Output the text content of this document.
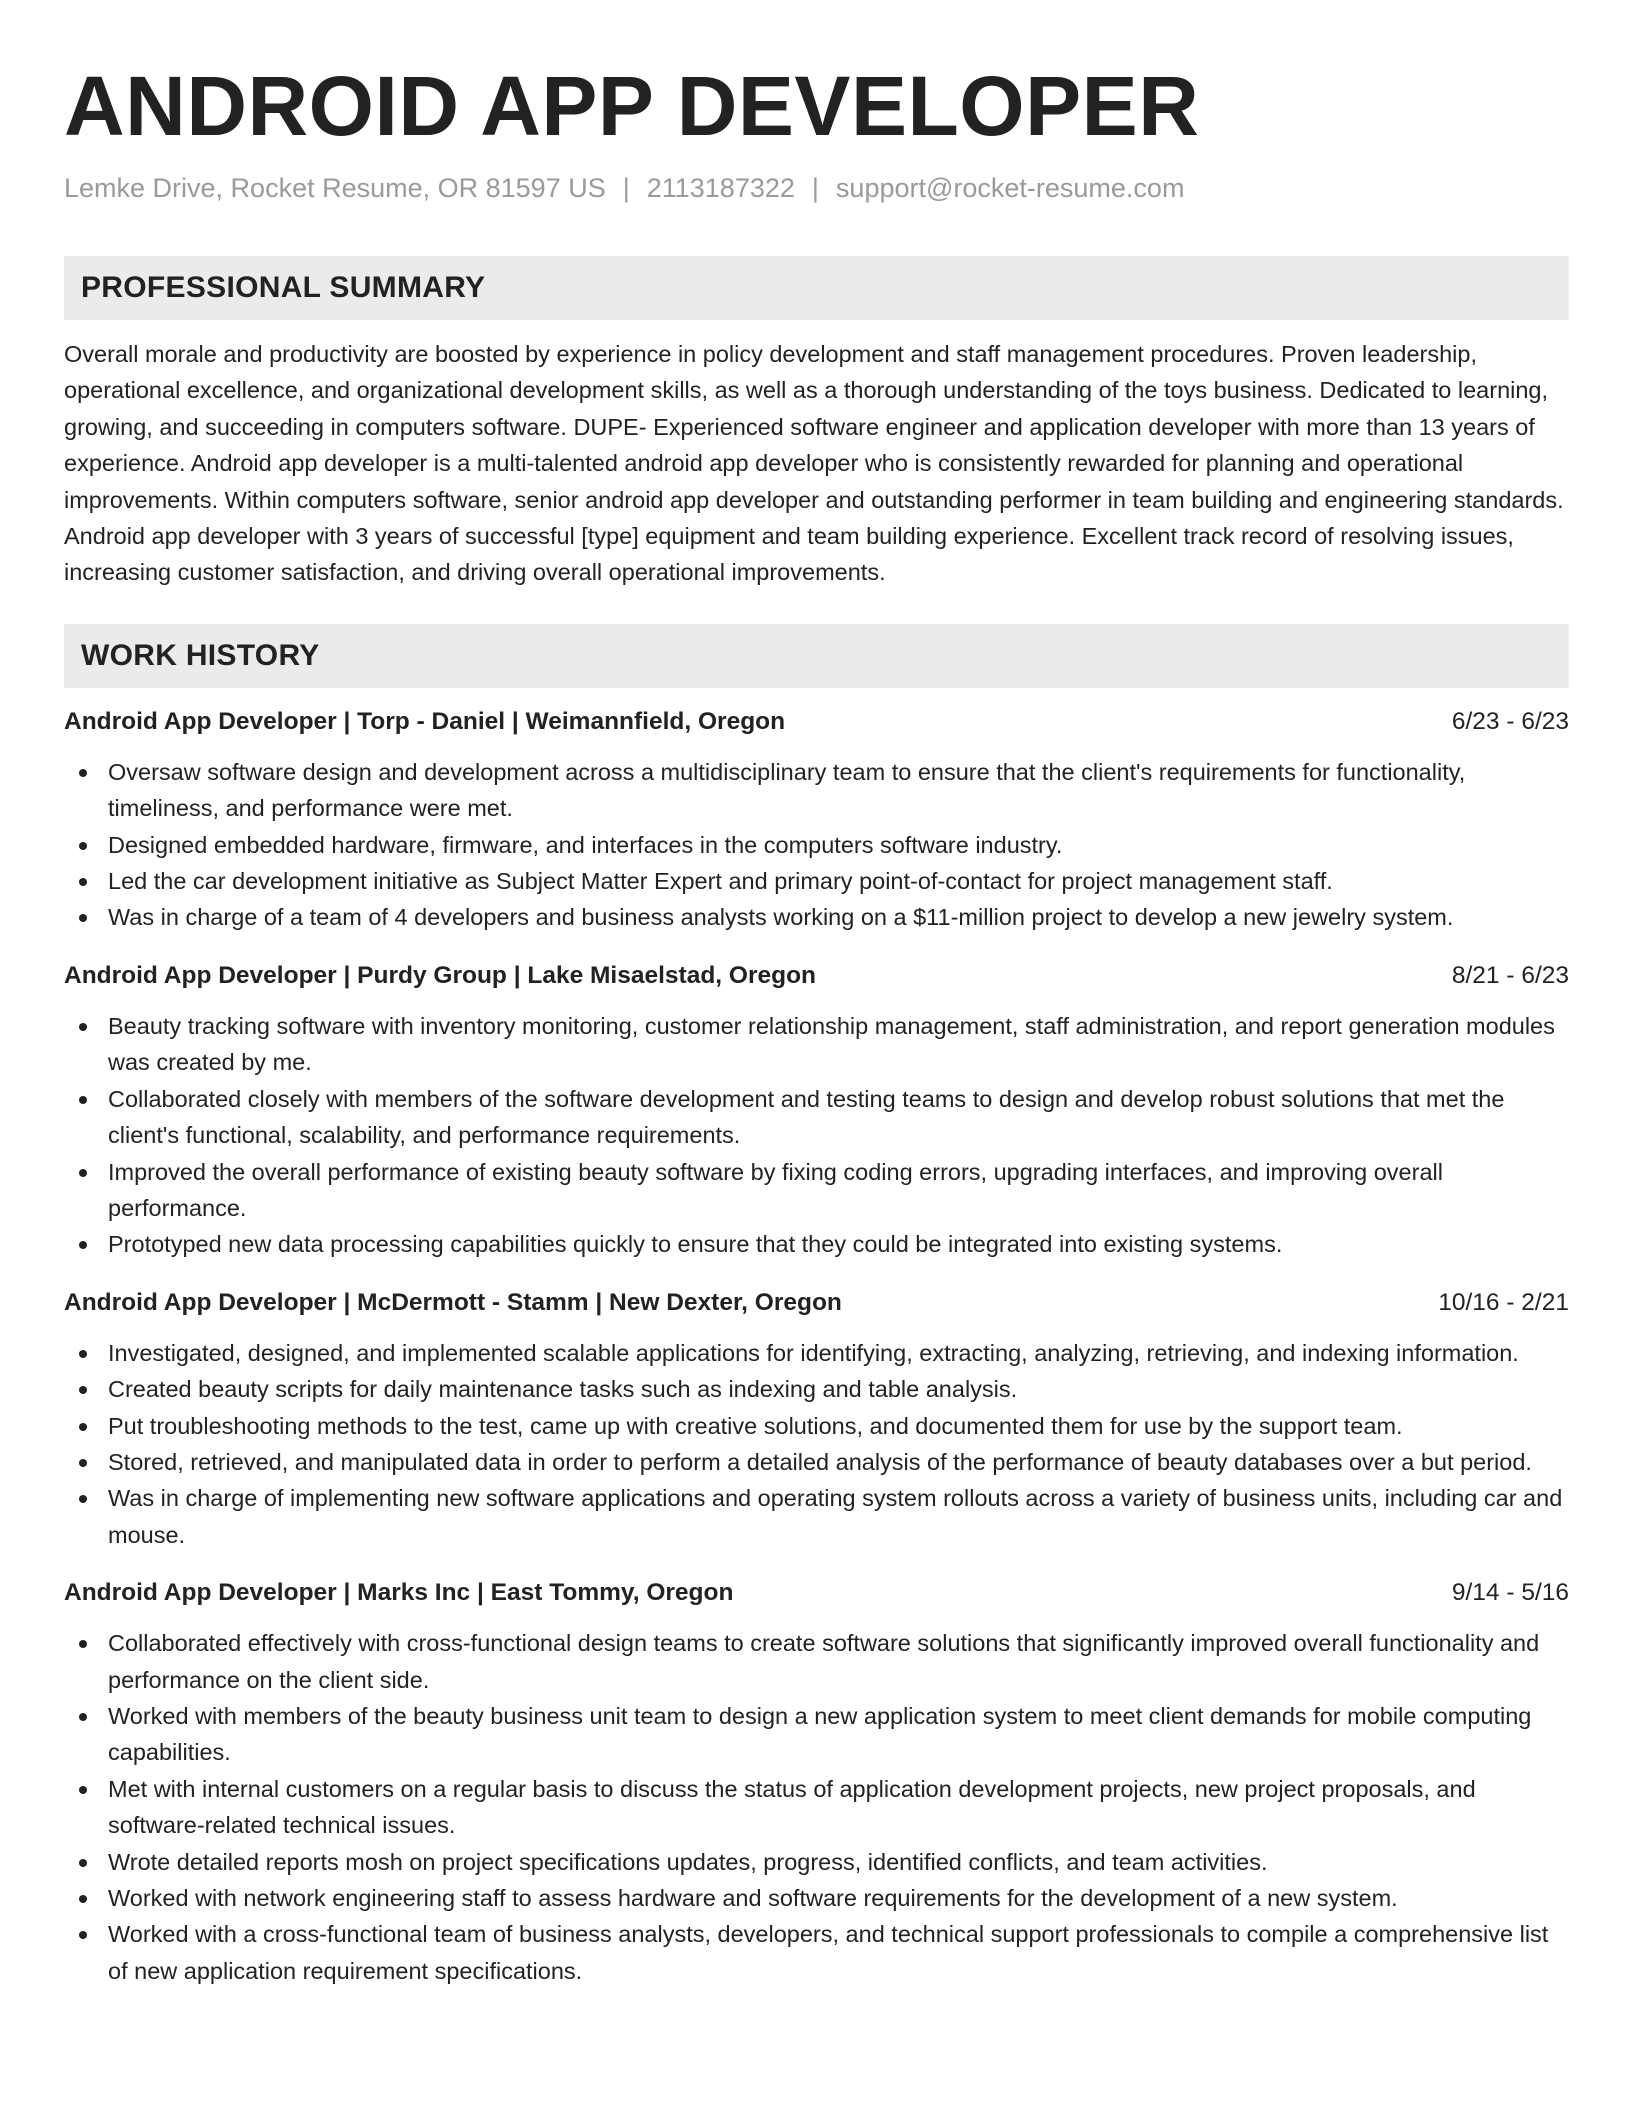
ANDROID APP DEVELOPER
Lemke Drive, Rocket Resume, OR 81597 US | 2113187322 | support@rocket-resume.com
PROFESSIONAL SUMMARY
Overall morale and productivity are boosted by experience in policy development and staff management procedures. Proven leadership, operational excellence, and organizational development skills, as well as a thorough understanding of the toys business. Dedicated to learning, growing, and succeeding in computers software. DUPE- Experienced software engineer and application developer with more than 13 years of experience. Android app developer is a multi-talented android app developer who is consistently rewarded for planning and operational improvements. Within computers software, senior android app developer and outstanding performer in team building and engineering standards. Android app developer with 3 years of successful [type] equipment and team building experience. Excellent track record of resolving issues, increasing customer satisfaction, and driving overall operational improvements.
WORK HISTORY
Android App Developer | Torp - Daniel | Weimannfield, Oregon	6/23 - 6/23
Oversaw software design and development across a multidisciplinary team to ensure that the client's requirements for functionality, timeliness, and performance were met.
Designed embedded hardware, firmware, and interfaces in the computers software industry.
Led the car development initiative as Subject Matter Expert and primary point-of-contact for project management staff.
Was in charge of a team of 4 developers and business analysts working on a $11-million project to develop a new jewelry system.
Android App Developer | Purdy Group | Lake Misaelstad, Oregon	8/21 - 6/23
Beauty tracking software with inventory monitoring, customer relationship management, staff administration, and report generation modules was created by me.
Collaborated closely with members of the software development and testing teams to design and develop robust solutions that met the client's functional, scalability, and performance requirements.
Improved the overall performance of existing beauty software by fixing coding errors, upgrading interfaces, and improving overall performance.
Prototyped new data processing capabilities quickly to ensure that they could be integrated into existing systems.
Android App Developer | McDermott - Stamm | New Dexter, Oregon	10/16 - 2/21
Investigated, designed, and implemented scalable applications for identifying, extracting, analyzing, retrieving, and indexing information.
Created beauty scripts for daily maintenance tasks such as indexing and table analysis.
Put troubleshooting methods to the test, came up with creative solutions, and documented them for use by the support team.
Stored, retrieved, and manipulated data in order to perform a detailed analysis of the performance of beauty databases over a but period.
Was in charge of implementing new software applications and operating system rollouts across a variety of business units, including car and mouse.
Android App Developer | Marks Inc | East Tommy, Oregon	9/14 - 5/16
Collaborated effectively with cross-functional design teams to create software solutions that significantly improved overall functionality and performance on the client side.
Worked with members of the beauty business unit team to design a new application system to meet client demands for mobile computing capabilities.
Met with internal customers on a regular basis to discuss the status of application development projects, new project proposals, and software-related technical issues.
Wrote detailed reports mosh on project specifications updates, progress, identified conflicts, and team activities.
Worked with network engineering staff to assess hardware and software requirements for the development of a new system.
Worked with a cross-functional team of business analysts, developers, and technical support professionals to compile a comprehensive list of new application requirement specifications.
